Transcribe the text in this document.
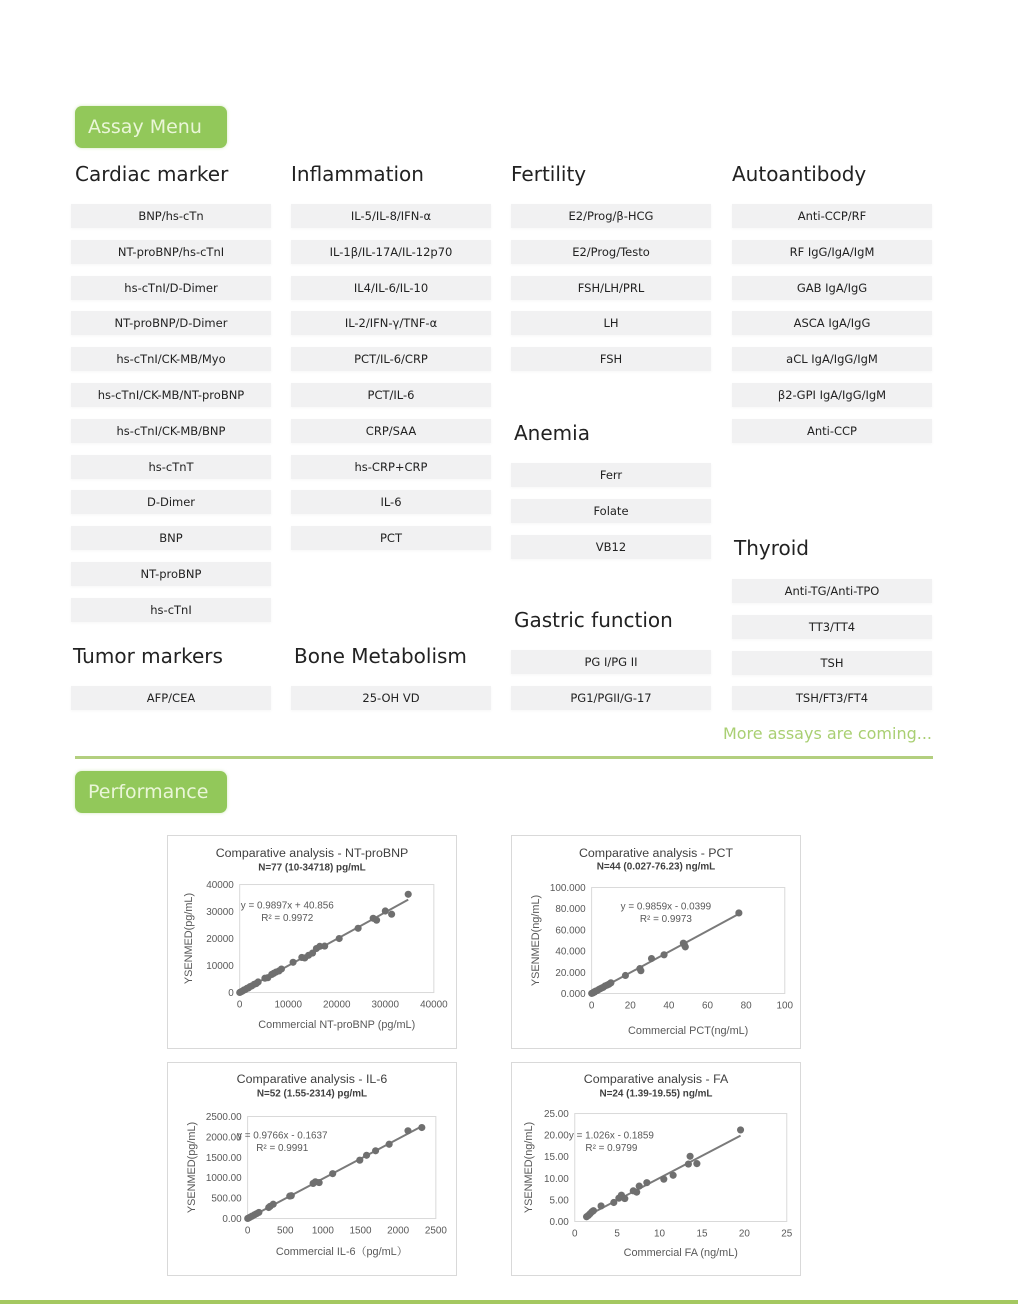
Assay Menu
Cardiac marker
BNP/hs-cTn
NT-proBNP/hs-cTnI
hs-cTnI/D-Dimer
NT-proBNP/D-Dimer
hs-cTnI/CK-MB/Myo
hs-cTnI/CK-MB/NT-proBNP
hs-cTnI/CK-MB/BNP
hs-cTnT
D-Dimer
BNP
NT-proBNP
hs-cTnI
Inflammation
IL-5/IL-8/IFN-α
IL-1β/IL-17A/IL-12p70
IL4/IL-6/IL-10
IL-2/IFN-γ/TNF-α
PCT/IL-6/CRP
PCT/IL-6
CRP/SAA
hs-CRP+CRP
IL-6
PCT
Fertility
E2/Prog/β-HCG
E2/Prog/Testo
FSH/LH/PRL
LH
FSH
Autoantibody
Anti-CCP/RF
RF IgG/IgA/IgM
GAB IgA/IgG
ASCA IgA/IgG
aCL IgA/IgG/IgM
β2-GPI IgA/IgG/IgM
Anti-CCP
Anemia
Ferr
Folate
VB12	Thyroid
Anti-TG/Anti-TPO
TT3/TT4
TSH
TSH/FT3/FT4
Gastric function
PG I/PG II
PG1/PGII/G-17
Tumor markers
AFP/CEA
Bone Metabolism
25-OH VD
More assays are coming...
Performance
Comparative analysis - NT-proBNP
N=77 (10-34718) pg/mL
0	10000 20000 30000 40000
0
10000
20000
30000
40000
Commercial NT-proBNP (pg/mL)
YSENMED(pg/mL)	y = 0.9897x + 40.856
R² = 0.9972
Comparative analysis - PCT
N=44 (0.027-76.23) ng/mL
0	20	40	60	80 100
0.000
20.000
40.000
60.000
80.000
100.000
Commercial PCT(ng/mL)
YSENMED(ng/mL)	y = 0.9859x - 0.0399
R² = 0.9973
Comparative analysis - IL-6
N=52 (1.55-2314) pg/mL
0	500 1000 1500 2000 2500
0.00
500.00
1000.00
1500.00
2000.00
2500.00
Commercial IL-6（pg/mL）
YSENMED(pg/mL)	y = 0.9766x - 0.1637
R² = 0.9991
Comparative analysis - FA
N=24 (1.39-19.55) ng/mL
0	5	10	15	20	25
0.00
5.00
10.00
15.00
20.00
25.00
Commercial FA (ng/mL)
YSENMED(ng/mL)	y = 1.026x - 0.1859
R² = 0.9799
